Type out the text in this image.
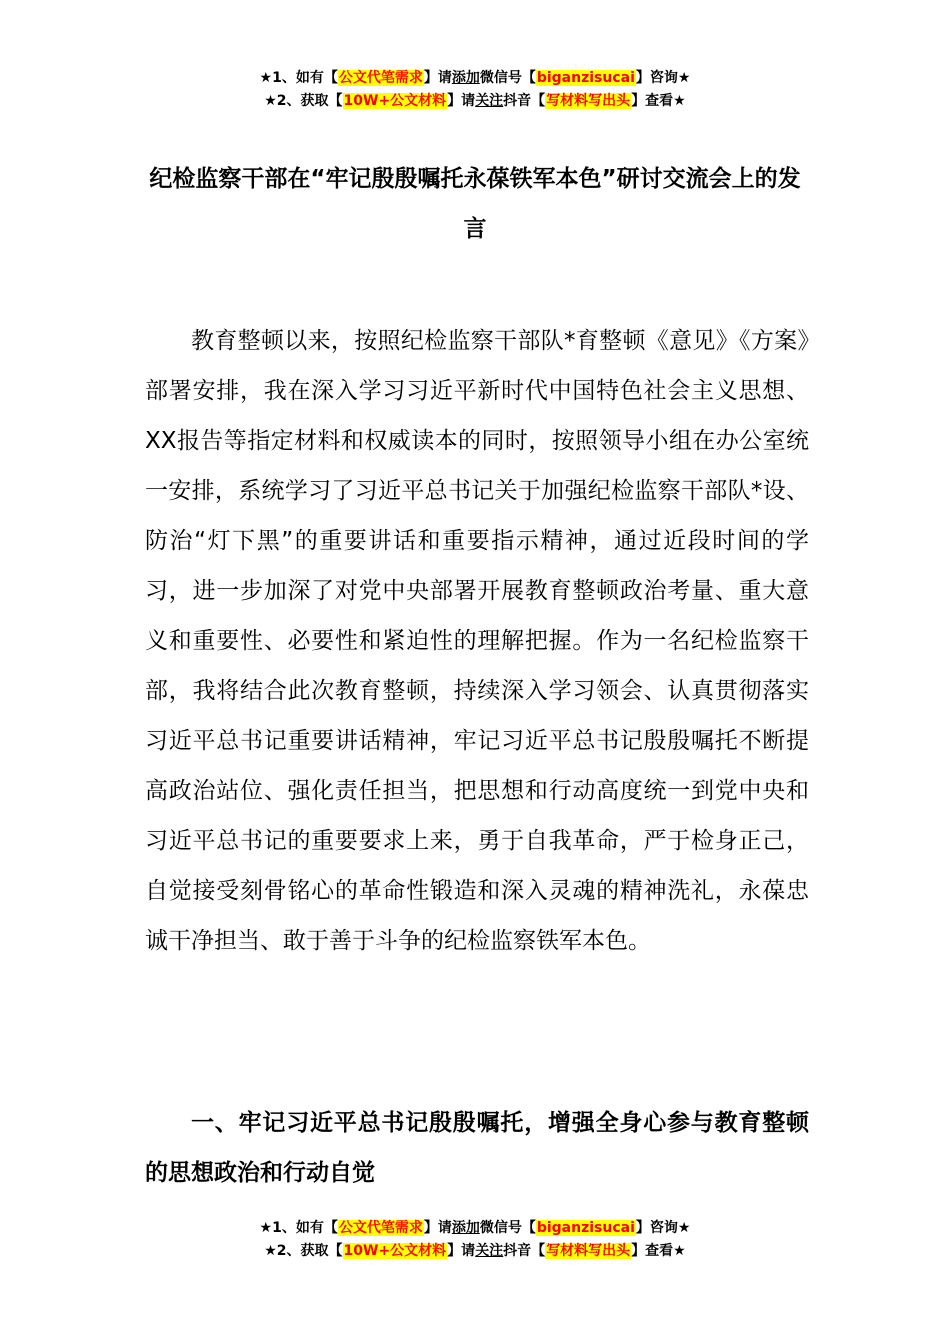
★1、如有【公文代笔需求】请添加微信号【biganzisucai】咨询★
★2、获取【10W+公文材料】请关注抖音【写材料写出头】查看★
纪检监察干部在“牢记殷殷嘱托永葆铁军本色”研讨交流会上的发言

教育整顿以来，按照纪检监察干部队*育整顿《意见》《方案》部署安排，我在深入学习习近平新时代中国特色社会主义思想、XX报告等指定材料和权威读本的同时，按照领导小组在办公室统一安排，系统学习了习近平总书记关于加强纪检监察干部队*设、防治“灯下黑”的重要讲话和重要指示精神，通过近段时间的学习，进一步加深了对党中央部署开展教育整顿政治考量、重大意义和重要性、必要性和紧迫性的理解把握。作为一名纪检监察干部，我将结合此次教育整顿，持续深入学习领会、认真贯彻落实习近平总书记重要讲话精神，牢记习近平总书记殷殷嘱托不断提高政治站位、强化责任担当，把思想和行动高度统一到党中央和习近平总书记的重要要求上来，勇于自我革命，严于检身正己，自觉接受刻骨铭心的革命性锻造和深入灵魂的精神洗礼，永葆忠诚干净担当、敢于善于斗争的纪检监察铁军本色。

一、牢记习近平总书记殷殷嘱托，增强全身心参与教育整顿的思想政治和行动自觉

★1、如有【公文代笔需求】请添加微信号【biganzisucai】咨询★
★2、获取【10W+公文材料】请关注抖音【写材料写出头】查看★
